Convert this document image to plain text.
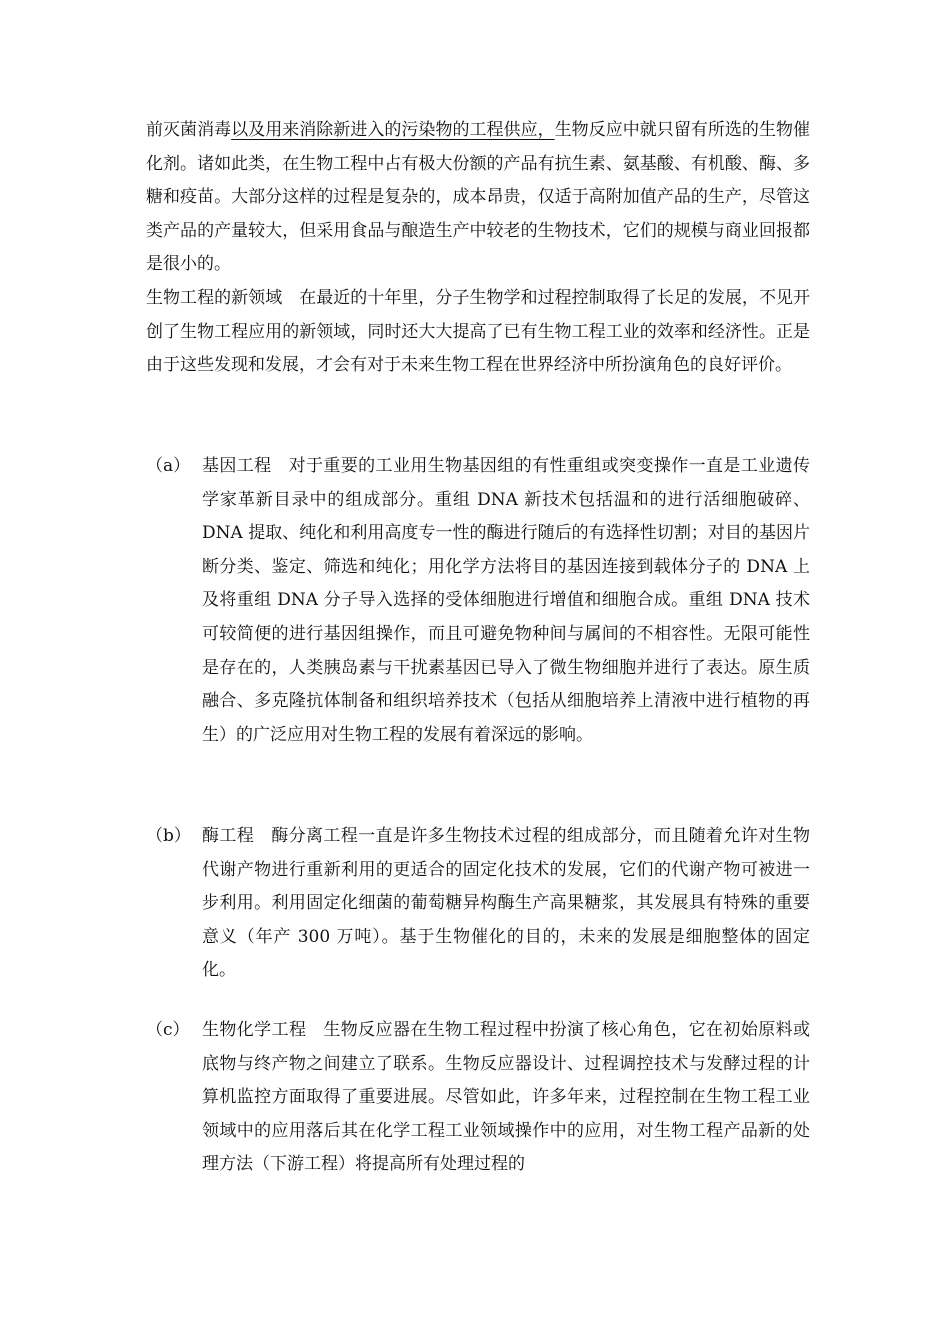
前灭菌消毒以及用来消除新进入的污染物的工程供应，生物反应中就只留有所选的生物催化剂。诸如此类，在生物工程中占有极大份额的产品有抗生素、氨基酸、有机酸、酶、多糖和疫苗。大部分这样的过程是复杂的，成本昂贵，仅适于高附加值产品的生产，尽管这类产品的产量较大，但采用食品与酿造生产中较老的生物技术，它们的规模与商业回报都是很小的。
生物工程的新领域 在最近的十年里，分子生物学和过程控制取得了长足的发展，不见开创了生物工程应用的新领域，同时还大大提高了已有生物工程工业的效率和经济性。正是由于这些发现和发展，才会有对于未来生物工程在世界经济中所扮演角色的良好评价。
（a） 基因工程 对于重要的工业用生物基因组的有性重组或突变操作一直是工业遗传学家革新目录中的组成部分。重组 DNA 新技术包括温和的进行活细胞破碎、DNA 提取、纯化和利用高度专一性的酶进行随后的有选择性切割；对目的基因片断分类、鉴定、筛选和纯化；用化学方法将目的基因连接到载体分子的 DNA 上及将重组 DNA 分子导入选择的受体细胞进行增值和细胞合成。重组 DNA 技术可较简便的进行基因组操作，而且可避免物种间与属间的不相容性。无限可能性是存在的，人类胰岛素与干扰素基因已导入了微生物细胞并进行了表达。原生质融合、多克隆抗体制备和组织培养技术（包括从细胞培养上清液中进行植物的再生）的广泛应用对生物工程的发展有着深远的影响。
（b） 酶工程 酶分离工程一直是许多生物技术过程的组成部分，而且随着允许对生物代谢产物进行重新利用的更适合的固定化技术的发展，它们的代谢产物可被进一步利用。利用固定化细菌的葡萄糖异构酶生产高果糖浆，其发展具有特殊的重要意义（年产 300 万吨）。基于生物催化的目的，未来的发展是细胞整体的固定化。
（c） 生物化学工程 生物反应器在生物工程过程中扮演了核心角色，它在初始原料或底物与终产物之间建立了联系。生物反应器设计、过程调控技术与发酵过程的计算机监控方面取得了重要进展。尽管如此，许多年来，过程控制在生物工程工业领域中的应用落后其在化学工程工业领域操作中的应用，对生物工程产品新的处理方法（下游工程）将提高所有处理过程的
